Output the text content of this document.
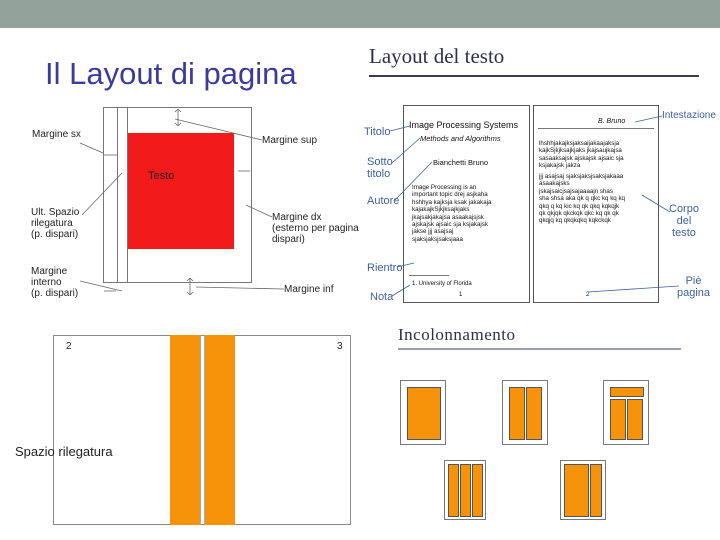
Il Layout di pagina
Testo
Margine sx
Margine sup
Ult. Spazio
rilegatura
(p. dispari)
Margine dx
(esterno per pagina
dispari)
Margine
interno
(p. dispari)	Margine inf
2	3
Spazio rilegatura
Layout del testo
Image Processing Systems
Methods and Algorithms
Bianchetti Bruno
Image Processing is an
important topic drej asjkaha
hshhya kajksja ksak jakakaja
kajakajkSjkjksajkjaks
jkajsakjakajsa asaakajsjsk
ajskajsk ajsaic sja ksjakajsk
jakse jjj asajsaj
sjaksjaksjsaksjaaa
1. University of Florida
1
B. Bruno
lhshhjakajksjaksaijakaajaksja
kajkSjkjksajkjaks jkajsaujkajsa
sasaaksajsk ajskajsk ajsaic sja
ksjakajsk jakza
jjj asajsaj sjaksjaksjsaksjakaaa
asaakajsks
jskajsaicjsajsajaaaajn shas
sha shsa aka qk q qkc kq kq kq
qkq q kq kic kq qk qkq kqkqjk
qk qkjqk qkckqk qkc kq qk qk
qkqjq kq qkqkqkq kqkckqk
2
Titolo
Sotto
titolo
Autore
Rientro
Nota
Intestazione
Corpo
del
testo
Piè
pagina
Incolonnamento
